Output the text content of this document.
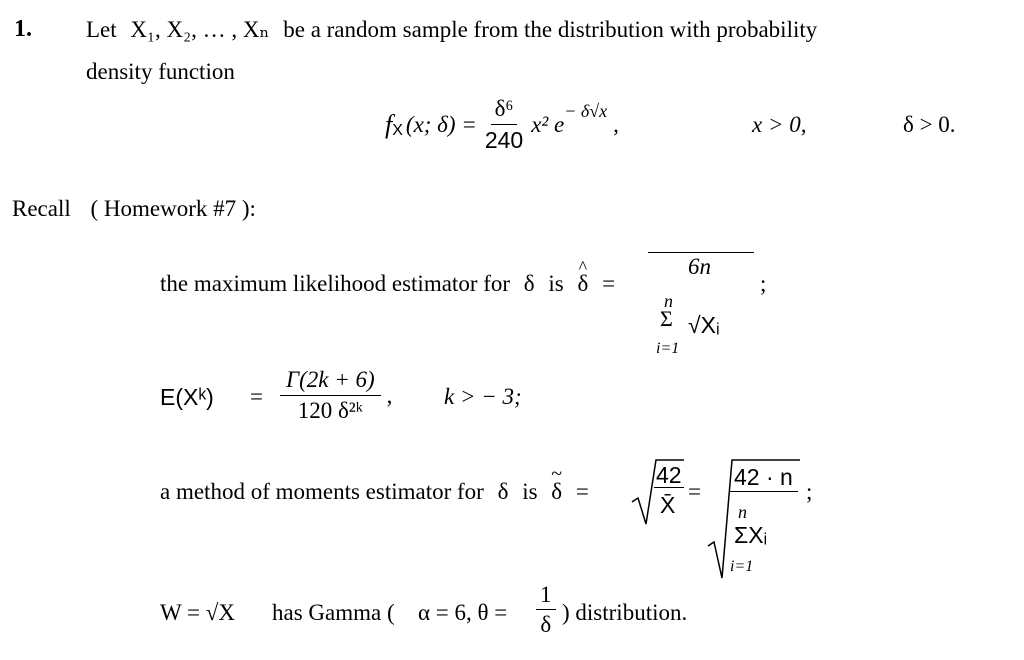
1. Let X₁, X₂, … , Xₙ be a random sample from the distribution with probability
density function
$f_X$ (x; $\delta) = \frac{\text{δ⁶}}{240} x^2$ e
$^{- \delta√x}$
,	x > 0,	δ > 0.
Recall ( Homework #7 ):
the maximum likelihood estimator for δ is ^ δ =
6n
n
Σ √Xᵢ
i=1
;
E(Xᵏ) = $\frac{\Gamma(2k + 6)}{\text{120 δ²ᵏ}}$ , k > − 3;
a method of moments estimator for δ is ~ δ =
42
X̄
=
42 · n
n
ΣXᵢ
i=1
;
W = √X has Gamma ( α = 6, $\theta = \frac{1}{\delta}$ ) distribution.
